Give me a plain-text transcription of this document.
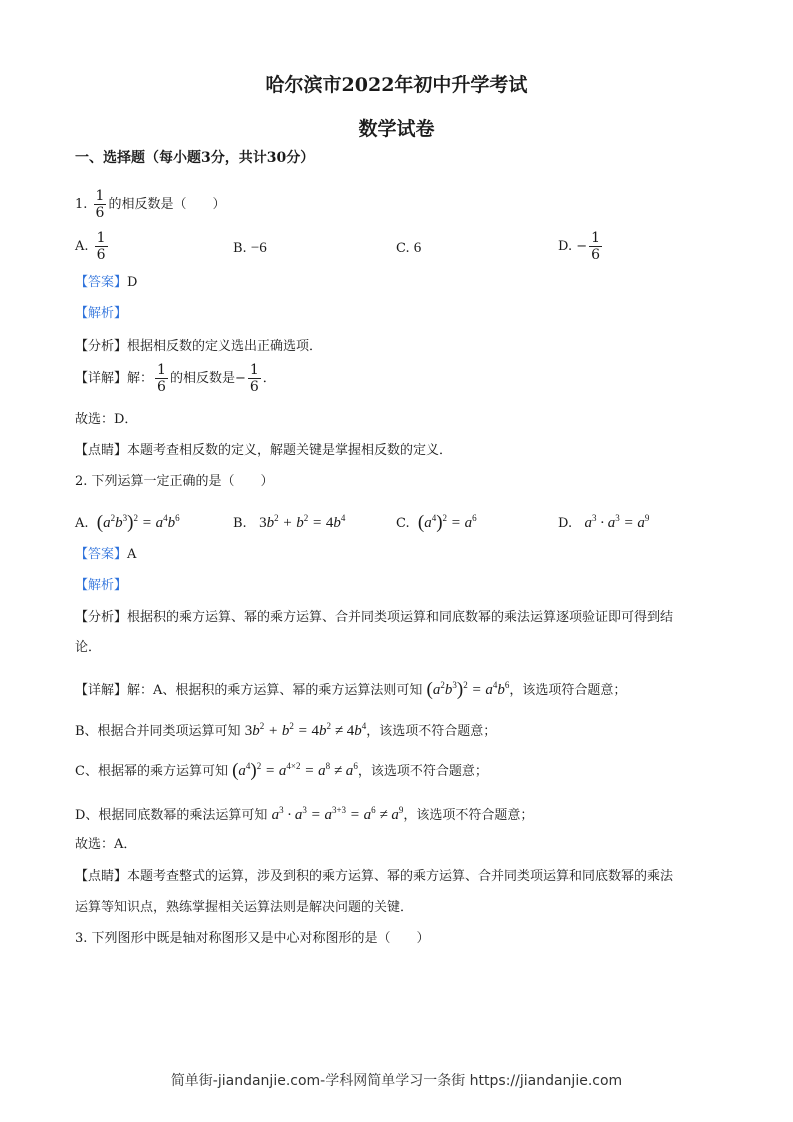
哈尔滨市2022年初中升学考试
数学试卷
一、选择题（每小题3分，共计30分）
1. $\frac{1}{6}$ 的相反数是（　　）
A. $\frac{1}{6}$	B. −6	C. 6	D. − $\frac{1}{6}$
【答案】D
【解析】
【分析】根据相反数的定义选出正确选项．
【详解】解： $\frac{1}{6}$ 的相反数是− $\frac{1}{6}$ ．
故选：D．
【点睛】本题考查相反数的定义，解题关键是掌握相反数的定义．
2. 下列运算一定正确的是（　　）
A. $(a^2b^3)^2 = a^4b^6$	B. $3b^2 + b^2 = 4b^4$	C. $(a^4)^2 = a^6$	D. $a^3 \cdot a^3 = a^9$
【答案】A
【解析】
【分析】根据积的乘方运算、幂的乘方运算、合并同类项运算和同底数幂的乘法运算逐项验证即可得到结
论．
【详解】解：A、根据积的乘方运算、幂的乘方运算法则可知 $(a^2b^3)^2 = a^4b^6$，该选项符合题意；
B、根据合并同类项运算可知 $3b^2 + b^2 = 4b^2 \ne 4b^4$，该选项不符合题意；
C、根据幂的乘方运算可知 $(a^4)^2 = a^{4\times 2} = a^8 \ne a^6$，该选项不符合题意；
D、根据同底数幂的乘法运算可知 $a^3 \cdot a^3 = a^{3+3} = a^6 \ne a^9$，该选项不符合题意；
故选：A．
【点睛】本题考查整式的运算，涉及到积的乘方运算、幂的乘方运算、合并同类项运算和同底数幂的乘法
运算等知识点，熟练掌握相关运算法则是解决问题的关键．
3. 下列图形中既是轴对称图形又是中心对称图形的是（　　）
简单街-jiandanjie.com-学科网简单学习一条街 https://jiandanjie.com
